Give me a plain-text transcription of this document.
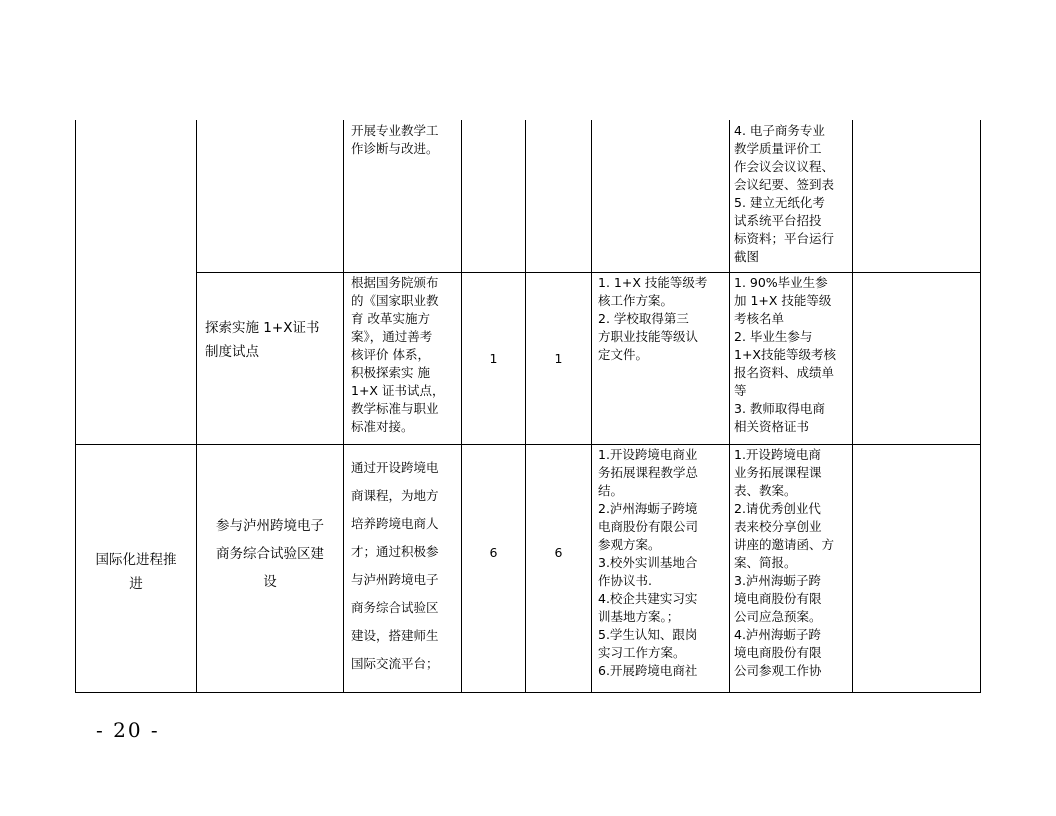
开展专业教学工
作诊断与改进。
4. 电子商务专业
教学质量评价工
作会议会议议程、
会议纪要、签到表
5. 建立无纸化考
试系统平台招投
标资料；平台运行
截图
探索实施 1+X证书
制度试点
根据国务院颁布
的《国家职业教
育 改革实施方
案》，通过善考
核评价 体系，
积极探索实 施
1+X 证书试点，
教学标准与职业
标准对接。
1	1
1. 1+X 技能等级考
核工作方案。
2. 学校取得第三
方职业技能等级认
定文件。
1. 90%毕业生参
加 1+X 技能等级
考核名单
2. 毕业生参与
1+X技能等级考核
报名资料、成绩单
等
3. 教师取得电商
相关资格证书
国际化进程推
进
参与泸州跨境电子
商务综合试验区建
设
通过开设跨境电
商课程，为地方
培养跨境电商人
才；通过积极参
与泸州跨境电子
商务综合试验区
建设，搭建师生
国际交流平台；
6	6
1.开设跨境电商业
务拓展课程教学总
结。
2.泸州海蛎子跨境
电商股份有限公司
参观方案。
3.校外实训基地合
作协议书.
4.校企共建实习实
训基地方案。；
5.学生认知、跟岗
实习工作方案。
6.开展跨境电商社
1.开设跨境电商
业务拓展课程课
表、教案。
2.请优秀创业代
表来校分享创业
讲座的邀请函、方
案、简报。
3.泸州海蛎子跨
境电商股份有限
公司应急预案。
4.泸州海蛎子跨
境电商股份有限
公司参观工作协
- 20 -
